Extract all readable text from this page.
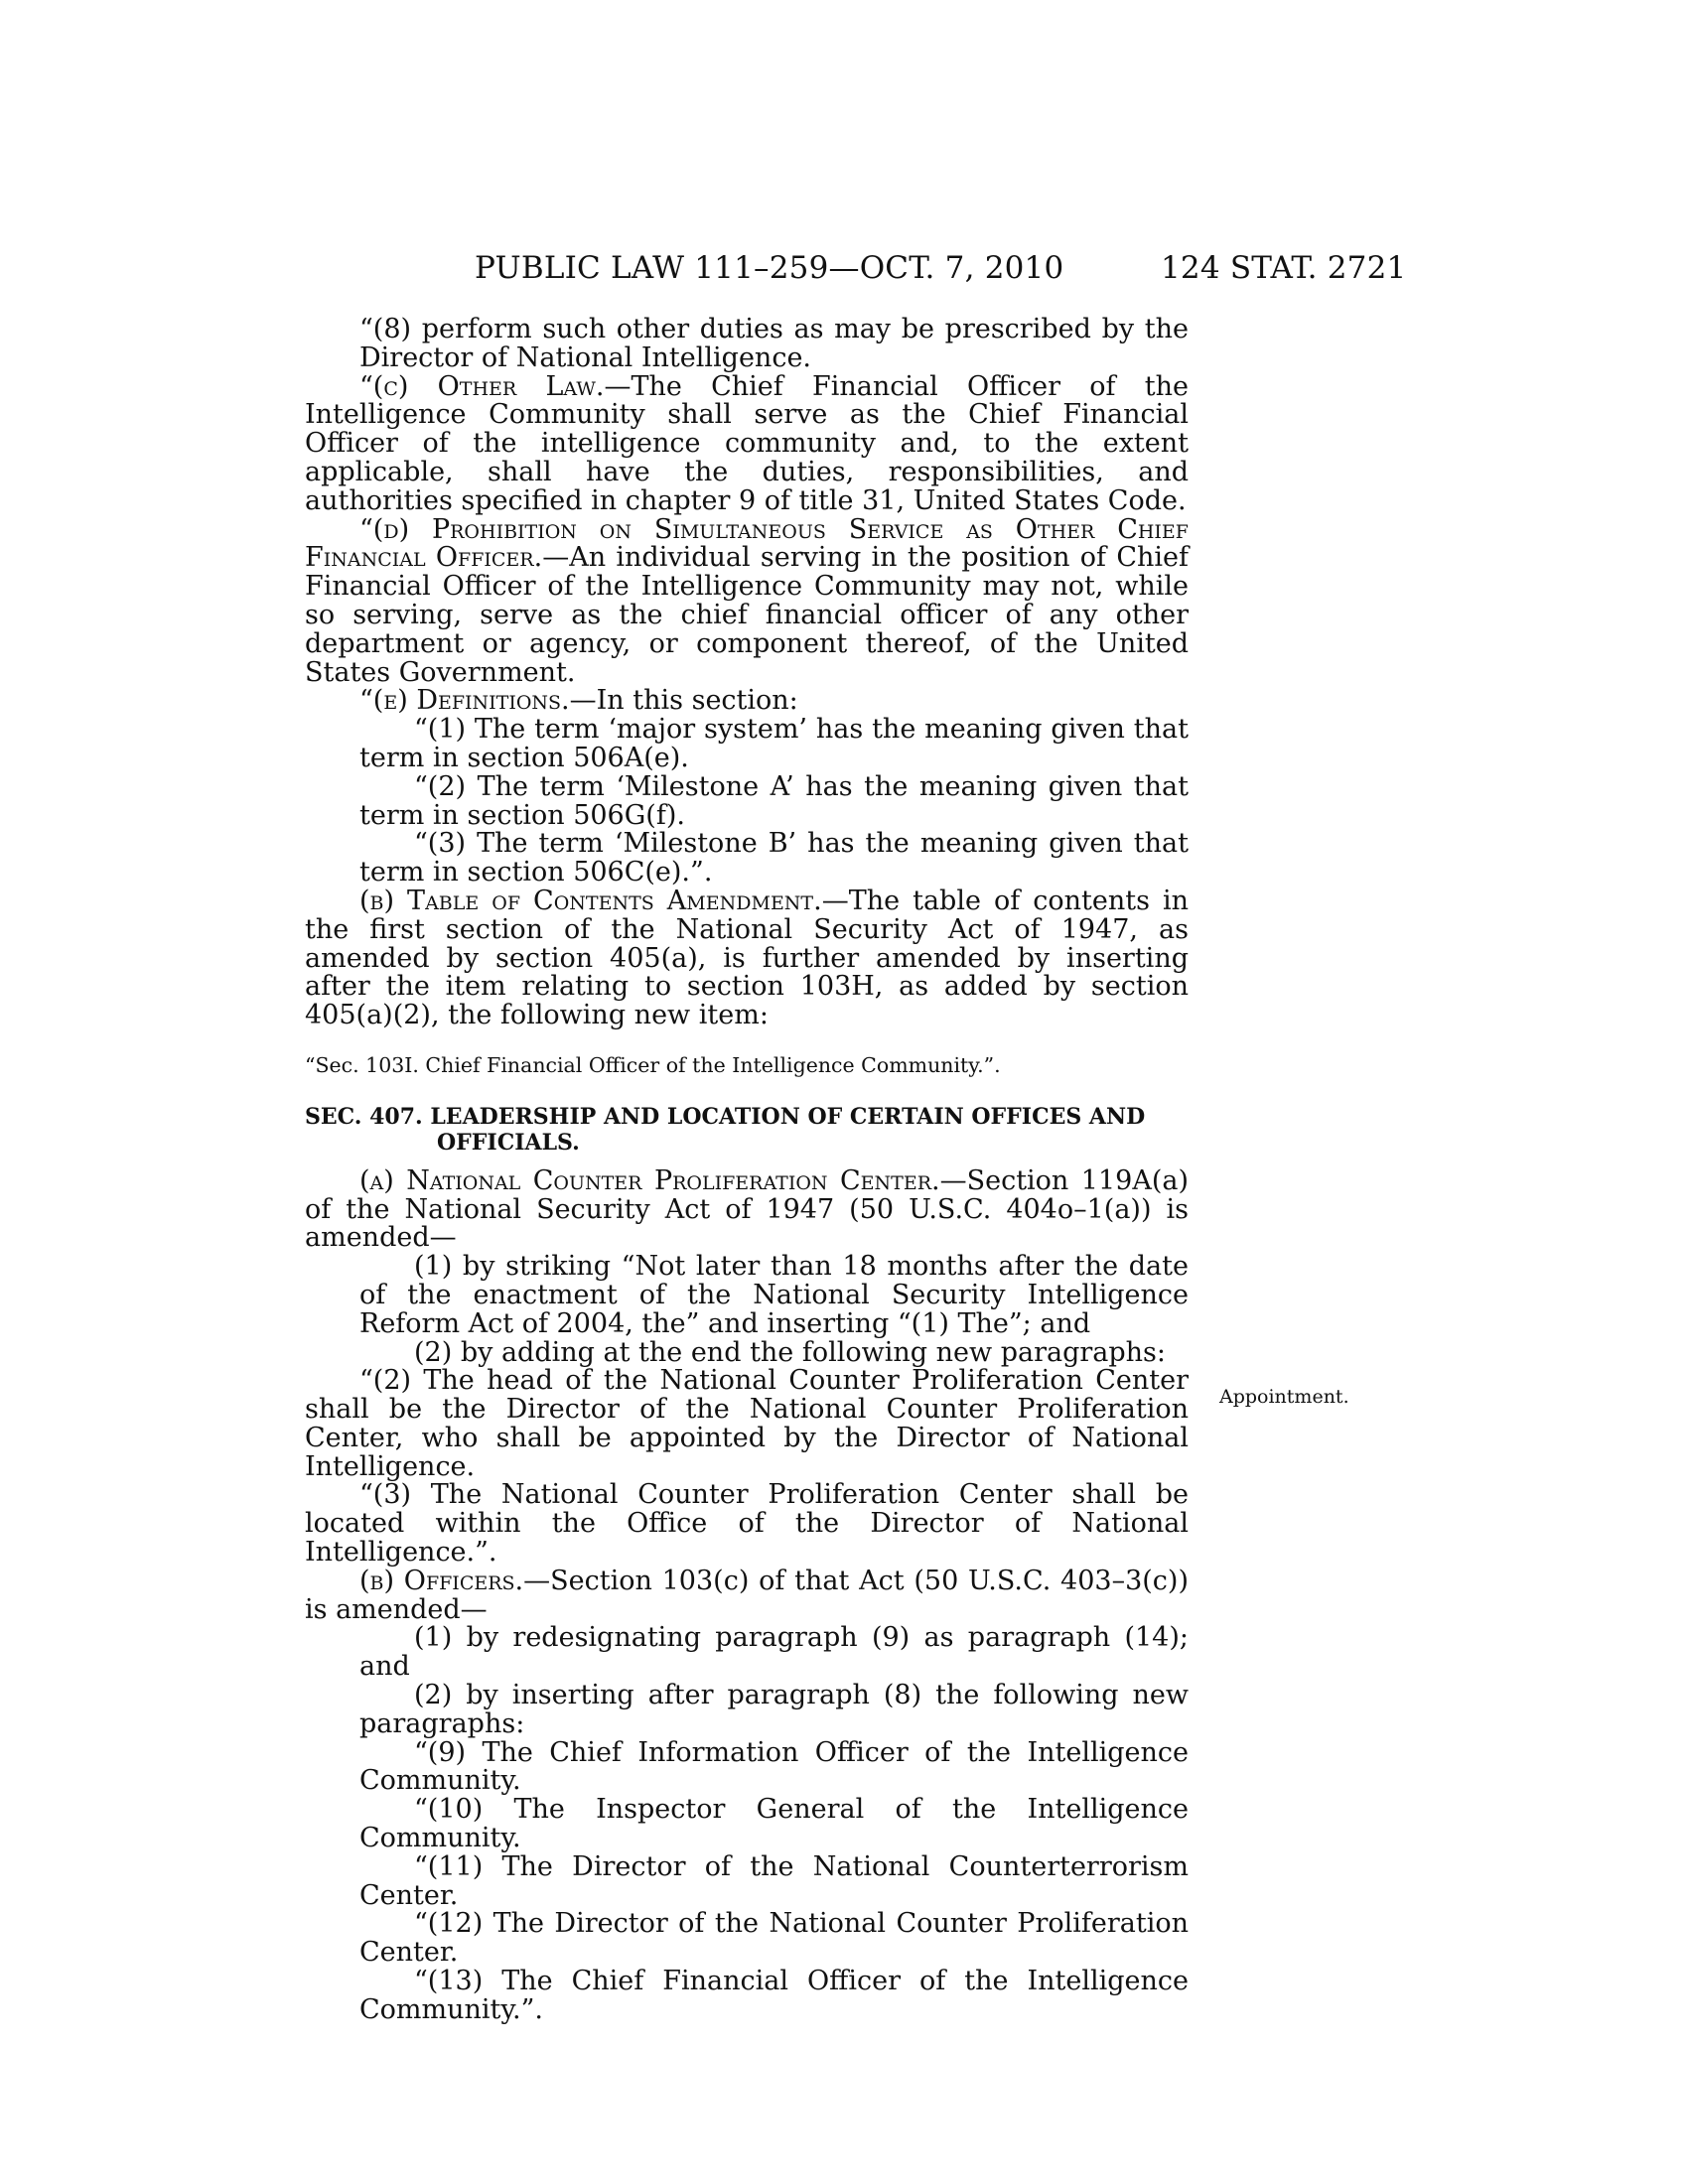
PUBLIC LAW 111–259—OCT. 7, 2010	124 STAT. 2721

“(8) perform such other duties as may be prescribed by the Director of National Intelligence.

“(c) Other Law.—The Chief Financial Officer of the Intelligence Community shall serve as the Chief Financial Officer of the intelligence community and, to the extent applicable, shall have the duties, responsibilities, and authorities specified in chapter 9 of title 31, United States Code.

“(d) Prohibition on Simultaneous Service as Other Chief Financial Officer.—An individual serving in the position of Chief Financial Officer of the Intelligence Community may not, while so serving, serve as the chief financial officer of any other department or agency, or component thereof, of the United States Government.

“(e) Definitions.—In this section:

“(1) The term ‘major system’ has the meaning given that term in section 506A(e).

“(2) The term ‘Milestone A’ has the meaning given that term in section 506G(f).

“(3) The term ‘Milestone B’ has the meaning given that term in section 506C(e).”.

(b) Table of Contents Amendment.—The table of contents in the first section of the National Security Act of 1947, as amended by section 405(a), is further amended by inserting after the item relating to section 103H, as added by section 405(a)(2), the following new item:

“Sec. 103I. Chief Financial Officer of the Intelligence Community.”.

SEC. 407. LEADERSHIP AND LOCATION OF CERTAIN OFFICES AND OFFICIALS.

(a) National Counter Proliferation Center.—Section 119A(a) of the National Security Act of 1947 (50 U.S.C. 404o–1(a)) is amended—

(1) by striking “Not later than 18 months after the date of the enactment of the National Security Intelligence Reform Act of 2004, the” and inserting “(1) The”; and

(2) by adding at the end the following new paragraphs:

“(2) The head of the National Counter Proliferation Center shall be the Director of the National Counter Proliferation Center, who shall be appointed by the Director of National Intelligence.

“(3) The National Counter Proliferation Center shall be located within the Office of the Director of National Intelligence.”.

(b) Officers.—Section 103(c) of that Act (50 U.S.C. 403–3(c)) is amended—

(1) by redesignating paragraph (9) as paragraph (14); and

(2) by inserting after paragraph (8) the following new paragraphs:

“(9) The Chief Information Officer of the Intelligence Community.

“(10) The Inspector General of the Intelligence Community.

“(11) The Director of the National Counterterrorism Center.

“(12) The Director of the National Counter Proliferation Center.

“(13) The Chief Financial Officer of the Intelligence Community.”.

Appointment.
